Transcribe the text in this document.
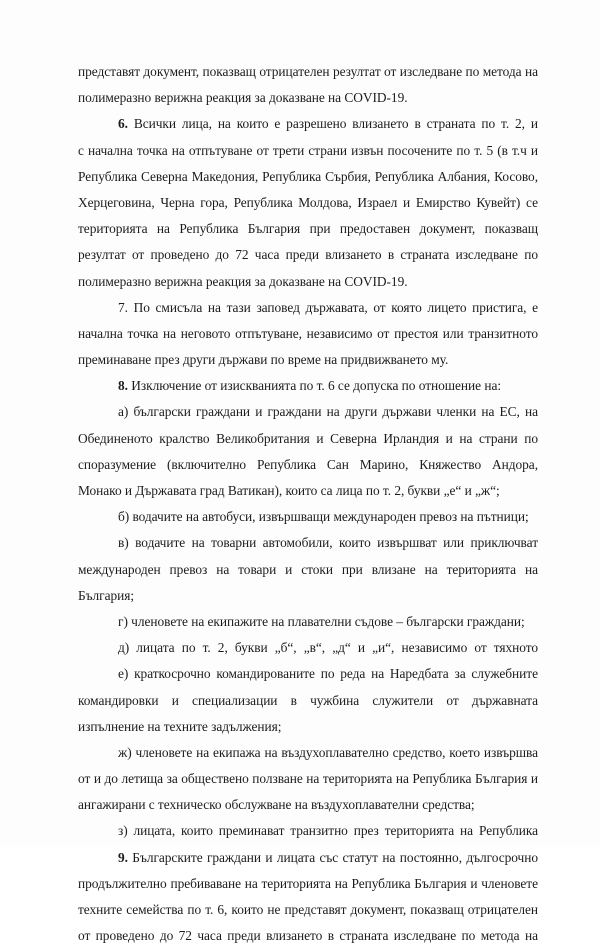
представят документ, показващ отрицателен резултат от изследване по метода на
полимеразно верижна реакция за доказване на COVID-19.
6. Всички лица, на които е разрешено влизането в страната по т. 2, и
с начална точка на отпътуване от трети страни извън посочените по т. 5 (в т.ч и
Република Северна Македония, Република Сърбия, Република Албания, Косово,
Херцеговина, Черна гора, Република Молдова, Израел и Емирство Кувейт) се
територията на Република България при предоставен документ, показващ
резултат от проведено до 72 часа преди влизането в страната изследване по
полимеразно верижна реакция за доказване на COVID-19.
7. По смисъла на тази заповед държавата, от която лицето пристига, е
начална точка на неговото отпътуване, независимо от престоя или транзитното
преминаване през други държави по време на придвижването му.
8. Изключение от изискванията по т. 6 се допуска по отношение на:
а) български граждани и граждани на други държави членки на ЕС, на
Обединеното кралство Великобритания и Северна Ирландия и на страни по
споразумение (включително Република Сан Марино, Княжество Андора,
Монако и Държавата град Ватикан), които са лица по т. 2, букви „е“ и „ж“;
б) водачите на автобуси, извършващи международен превоз на пътници;
в) водачите на товарни автомобили, които извършват или приключват
международен превоз на товари и стоки при влизане на територията на
България;
г) членовете на екипажите на плавателни съдове – български граждани;
д) лицата по т. 2, букви „б“, „в“, „д“ и „и“, независимо от тяхното
е) краткосрочно командированите по реда на Наредбата за служебните
командировки и специализации в чужбина служители от държавната
изпълнение на техните задължения;
ж) членовете на екипажа на въздухоплавателно средство, което извършва
от и до летища за обществено ползване на територията на Република България и
ангажирани с техническо обслужване на въздухоплавателни средства;
з) лицата, които преминават транзитно през територията на Република
9. Българските граждани и лицата със статут на постоянно, дългосрочно
продължително пребиваване на територията на Република България и членовете
техните семейства по т. 6, които не представят документ, показващ отрицателен
от проведено до 72 часа преди влизането в страната изследване по метода на
